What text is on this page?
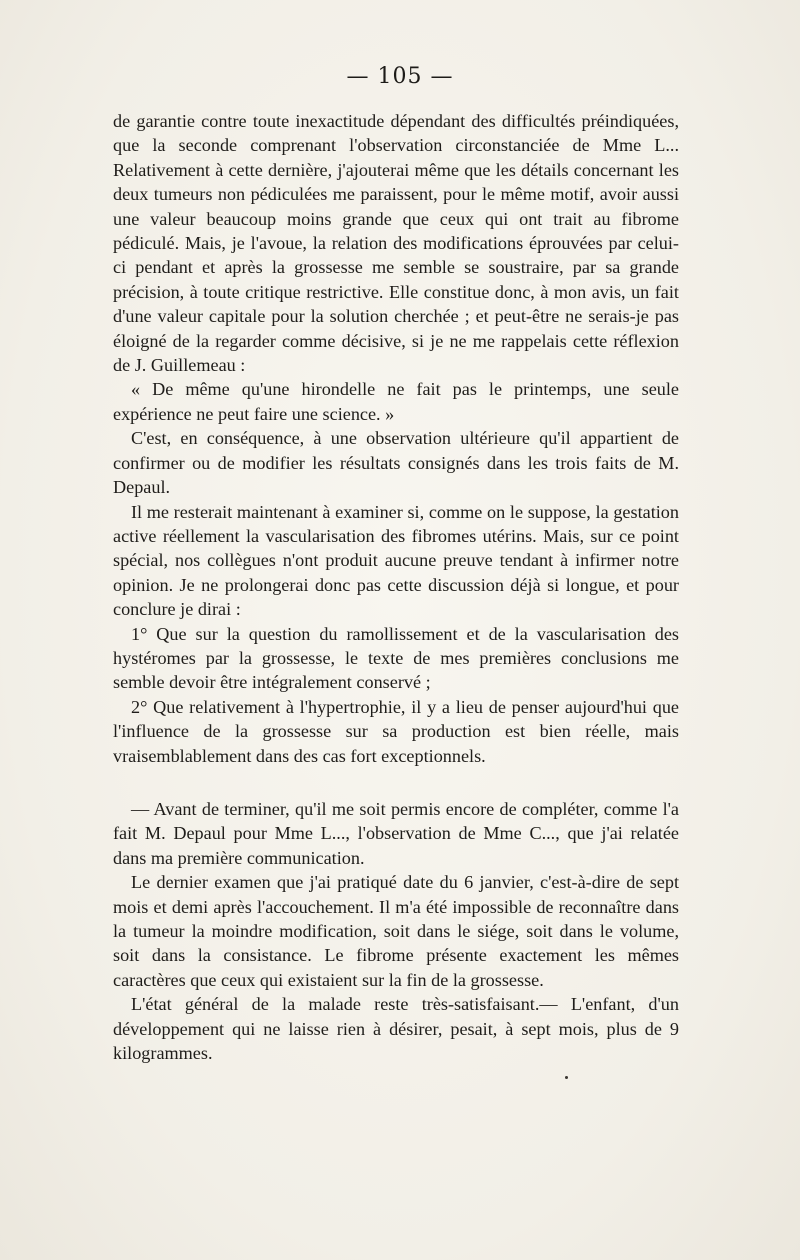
— 105 —

de garantie contre toute inexactitude dépendant des difficultés préindiquées, que la seconde comprenant l'observation circonstanciée de Mme L... Relativement à cette dernière, j'ajouterai même que les détails concernant les deux tumeurs non pédiculées me paraissent, pour le même motif, avoir aussi une valeur beaucoup moins grande que ceux qui ont trait au fibrome pédiculé. Mais, je l'avoue, la relation des modifications éprouvées par celui-ci pendant et après la grossesse me semble se soustraire, par sa grande précision, à toute critique restrictive. Elle constitue donc, à mon avis, un fait d'une valeur capitale pour la solution cherchée ; et peut-être ne serais-je pas éloigné de la regarder comme décisive, si je ne me rappelais cette réflexion de J. Guillemeau :

« De même qu'une hirondelle ne fait pas le printemps, une seule expérience ne peut faire une science. »

C'est, en conséquence, à une observation ultérieure qu'il appartient de confirmer ou de modifier les résultats consignés dans les trois faits de M. Depaul.

Il me resterait maintenant à examiner si, comme on le suppose, la gestation active réellement la vascularisation des fibromes utérins. Mais, sur ce point spécial, nos collègues n'ont produit aucune preuve tendant à infirmer notre opinion. Je ne prolongerai donc pas cette discussion déjà si longue, et pour conclure je dirai :

1° Que sur la question du ramollissement et de la vascularisation des hystéromes par la grossesse, le texte de mes premières conclusions me semble devoir être intégralement conservé ;

2° Que relativement à l'hypertrophie, il y a lieu de penser aujourd'hui que l'influence de la grossesse sur sa production est bien réelle, mais vraisemblablement dans des cas fort exceptionnels.

— Avant de terminer, qu'il me soit permis encore de compléter, comme l'a fait M. Depaul pour Mme L..., l'observation de Mme C..., que j'ai relatée dans ma première communication.

Le dernier examen que j'ai pratiqué date du 6 janvier, c'est-à-dire de sept mois et demi après l'accouchement. Il m'a été impossible de reconnaître dans la tumeur la moindre modification, soit dans le siége, soit dans le volume, soit dans la consistance. Le fibrome présente exactement les mêmes caractères que ceux qui existaient sur la fin de la grossesse.

L'état général de la malade reste très-satisfaisant.— L'enfant, d'un développement qui ne laisse rien à désirer, pesait, à sept mois, plus de 9 kilogrammes.
